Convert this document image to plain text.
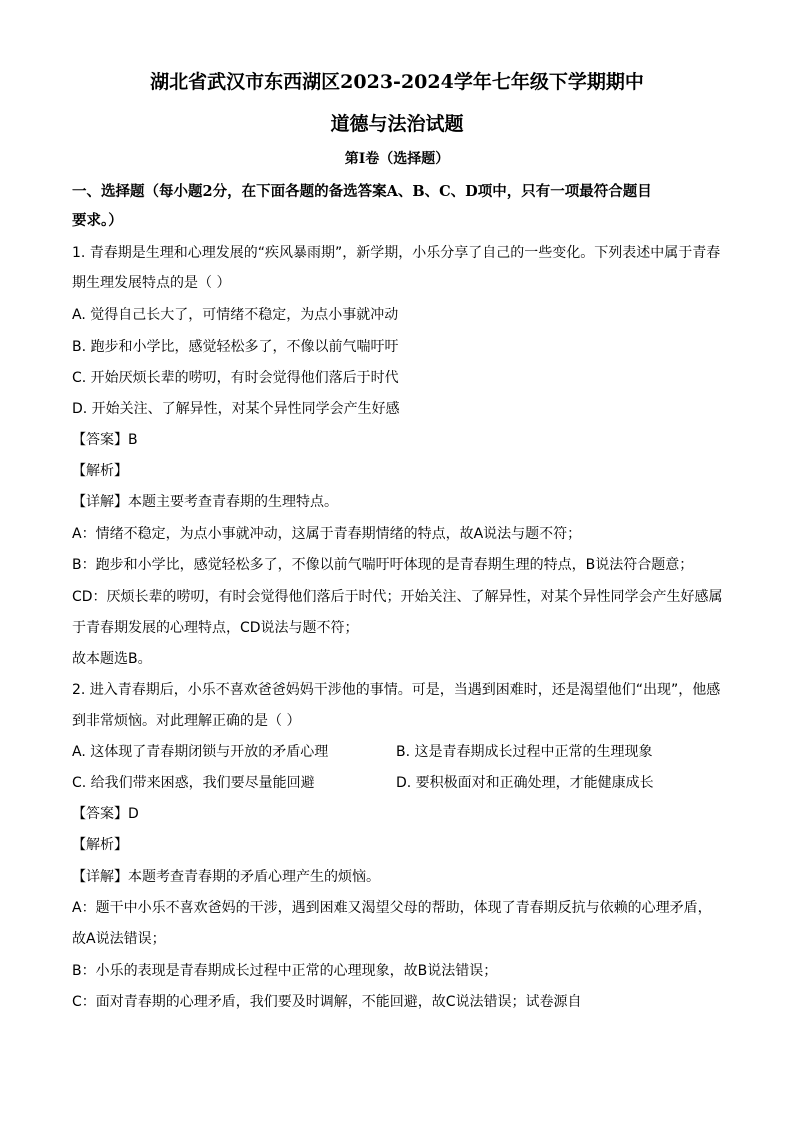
湖北省武汉市东西湖区2023-2024学年七年级下学期期中
道德与法治试题
第I卷（选择题）
一、选择题（每小题2分，在下面各题的备选答案A、B、C、D项中，只有一项最符合题目
要求。）
1. 青春期是生理和心理发展的“疾风暴雨期”，新学期，小乐分享了自己的一些变化。下列表述中属于青春
期生理发展特点的是（ ）
A. 觉得自己长大了，可情绪不稳定，为点小事就冲动
B. 跑步和小学比，感觉轻松多了，不像以前气喘吁吁
C. 开始厌烦长辈的唠叨，有时会觉得他们落后于时代
D. 开始关注、了解异性，对某个异性同学会产生好感
【答案】B
【解析】
【详解】本题主要考查青春期的生理特点。
A：情绪不稳定，为点小事就冲动，这属于青春期情绪的特点，故A说法与题不符；
B：跑步和小学比，感觉轻松多了，不像以前气喘吁吁体现的是青春期生理的特点，B说法符合题意；
CD：厌烦长辈的唠叨，有时会觉得他们落后于时代；开始关注、了解异性，对某个异性同学会产生好感属
于青春期发展的心理特点，CD说法与题不符；
故本题选B。
2. 进入青春期后，小乐不喜欢爸爸妈妈干涉他的事情。可是，当遇到困难时，还是渴望他们“出现”，他感
到非常烦恼。对此理解正确的是（ ）
A. 这体现了青春期闭锁与开放的矛盾心理	B. 这是青春期成长过程中正常的生理现象
C. 给我们带来困惑，我们要尽量能回避	D. 要积极面对和正确处理，才能健康成长
【答案】D
【解析】
【详解】本题考查青春期的矛盾心理产生的烦恼。
A：题干中小乐不喜欢爸妈的干涉，遇到困难又渴望父母的帮助，体现了青春期反抗与依赖的心理矛盾，
故A说法错误；
B：小乐的表现是青春期成长过程中正常的心理现象，故B说法错误；
C：面对青春期的心理矛盾，我们要及时调解，不能回避，故C说法错误；试卷源自
